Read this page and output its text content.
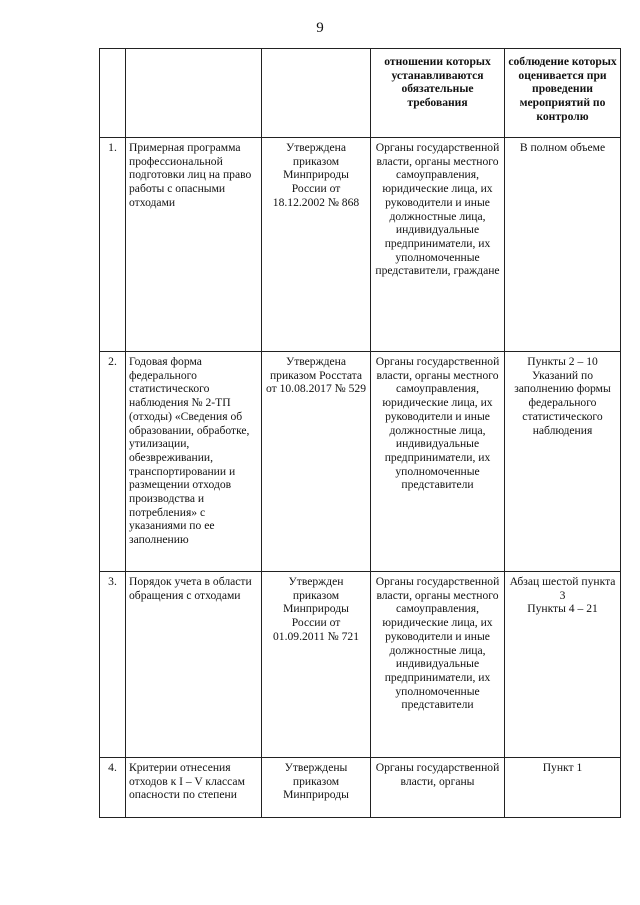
9
			отношении которых устанавливаются обязательные требования	соблюдение которых оценивается при проведении мероприятий по контролю
1.	Примерная программа профессиональной подготовки лиц на право работы с опасными отходами	Утверждена приказом Минприроды России от 18.12.2002 № 868	Органы государственной власти, органы местного самоуправления, юридические лица, их руководители и иные должностные лица, индивидуальные предприниматели, их уполномоченные представители, граждане	В полном объеме
2.	Годовая форма федерального статистического наблюдения № 2-ТП (отходы) «Сведения об образовании, обработке, утилизации, обезвреживании, транспортировании и размещении отходов производства и потребления» с указаниями по ее заполнению	Утверждена приказом Росстата от 10.08.2017 № 529	Органы государственной власти, органы местного самоуправления, юридические лица, их руководители и иные должностные лица, индивидуальные предприниматели, их уполномоченные представители	Пункты 2 – 10 Указаний по заполнению формы федерального статистического наблюдения
3.	Порядок учета в области обращения с отходами	Утвержден приказом Минприроды России от 01.09.2011 № 721	Органы государственной власти, органы местного самоуправления, юридические лица, их руководители и иные должностные лица, индивидуальные предприниматели, их уполномоченные представители	Абзац шестой пункта 3
Пункты 4 – 21

4.	Критерии отнесения отходов к I – V классам опасности по степени	Утверждены приказом Минприроды	Органы государственной власти, органы	Пункт 1
